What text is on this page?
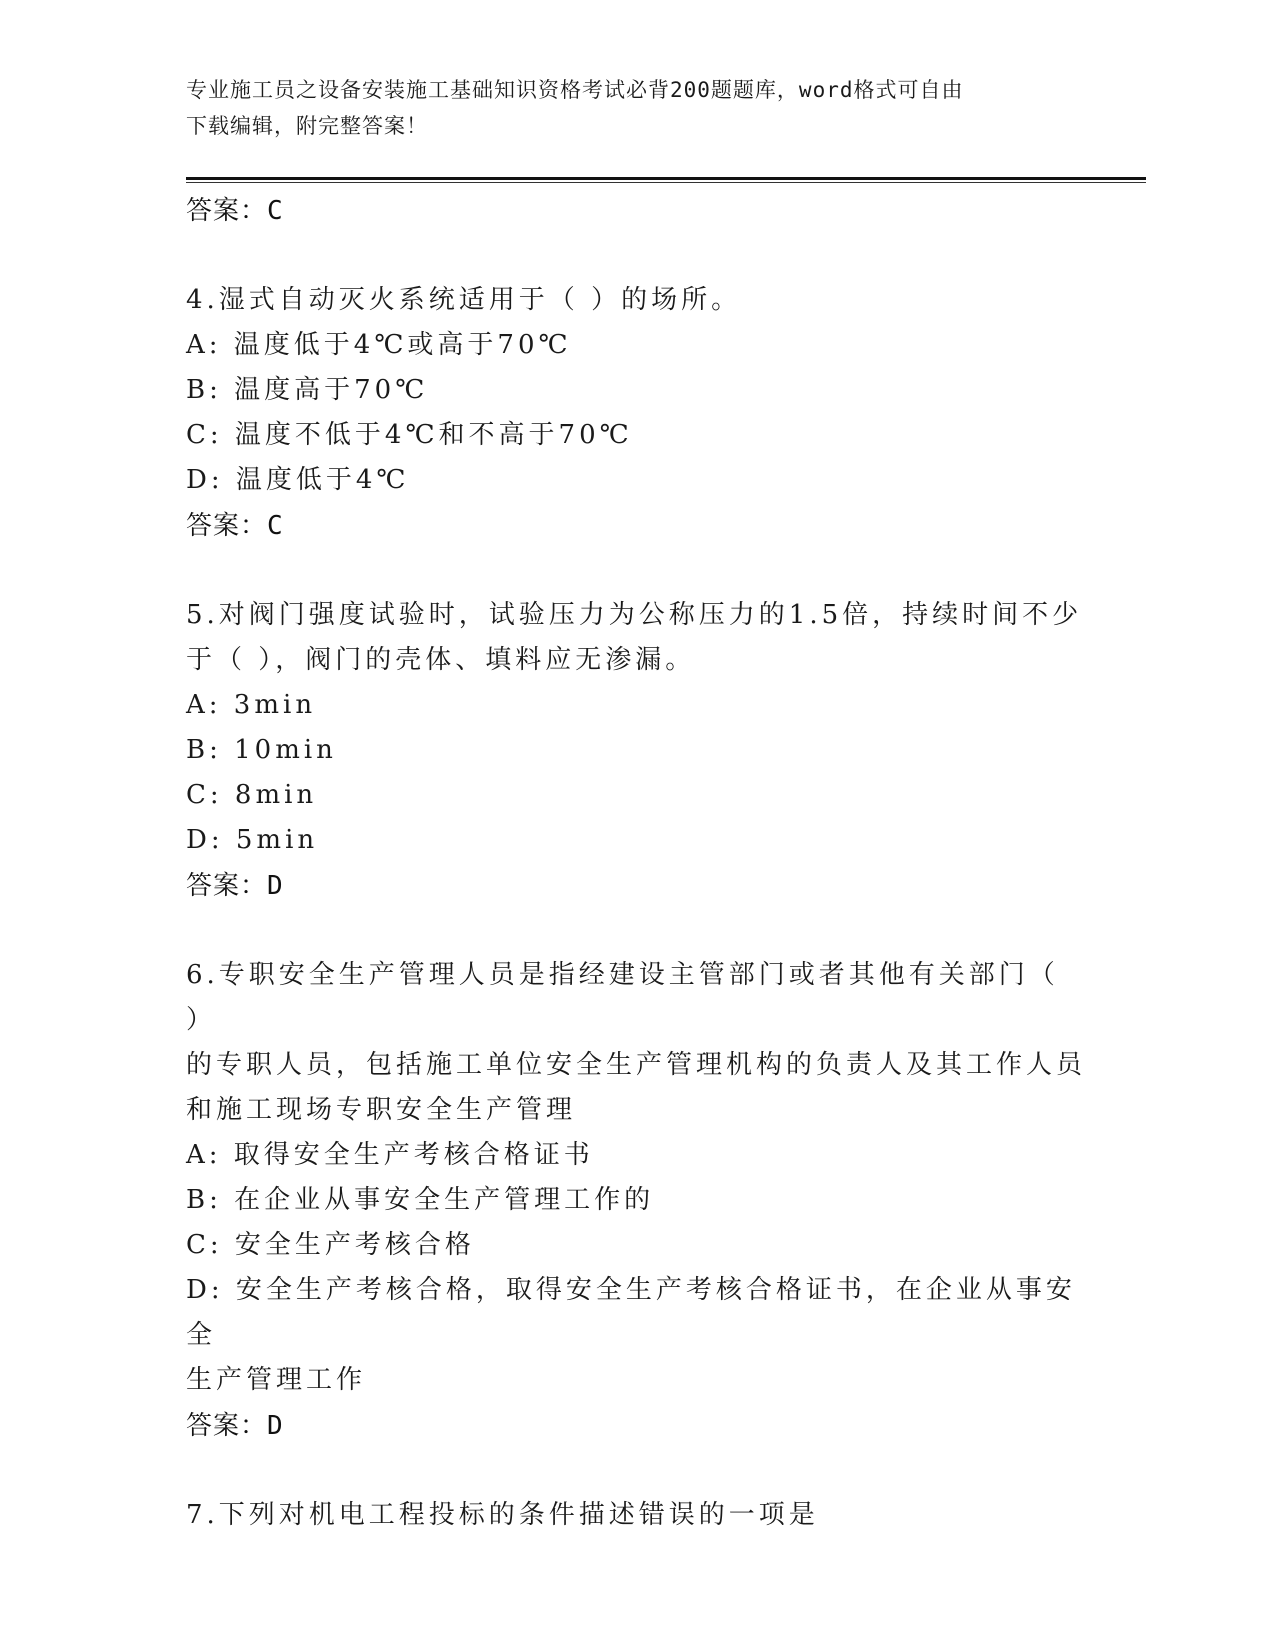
专业施工员之设备安装施工基础知识资格考试必背200题题库，word格式可自由
下载编辑，附完整答案！
答案：C
4.湿式自动灭火系统适用于（ ）的场所。
A: 温度低于4℃或高于70℃
B: 温度高于70℃
C: 温度不低于4℃和不高于70℃
D: 温度低于4℃
答案：C
5.对阀门强度试验时，试验压力为公称压力的1.5倍，持续时间不少
于（ ），阀门的壳体、填料应无渗漏。
A: 3min
B: 10min
C: 8min
D: 5min
答案：D
6.专职安全生产管理人员是指经建设主管部门或者其他有关部门（ ）
的专职人员，包括施工单位安全生产管理机构的负责人及其工作人员
和施工现场专职安全生产管理
A: 取得安全生产考核合格证书
B: 在企业从事安全生产管理工作的
C: 安全生产考核合格
D: 安全生产考核合格，取得安全生产考核合格证书，在企业从事安全
生产管理工作
答案：D
7.下列对机电工程投标的条件描述错误的一项是
